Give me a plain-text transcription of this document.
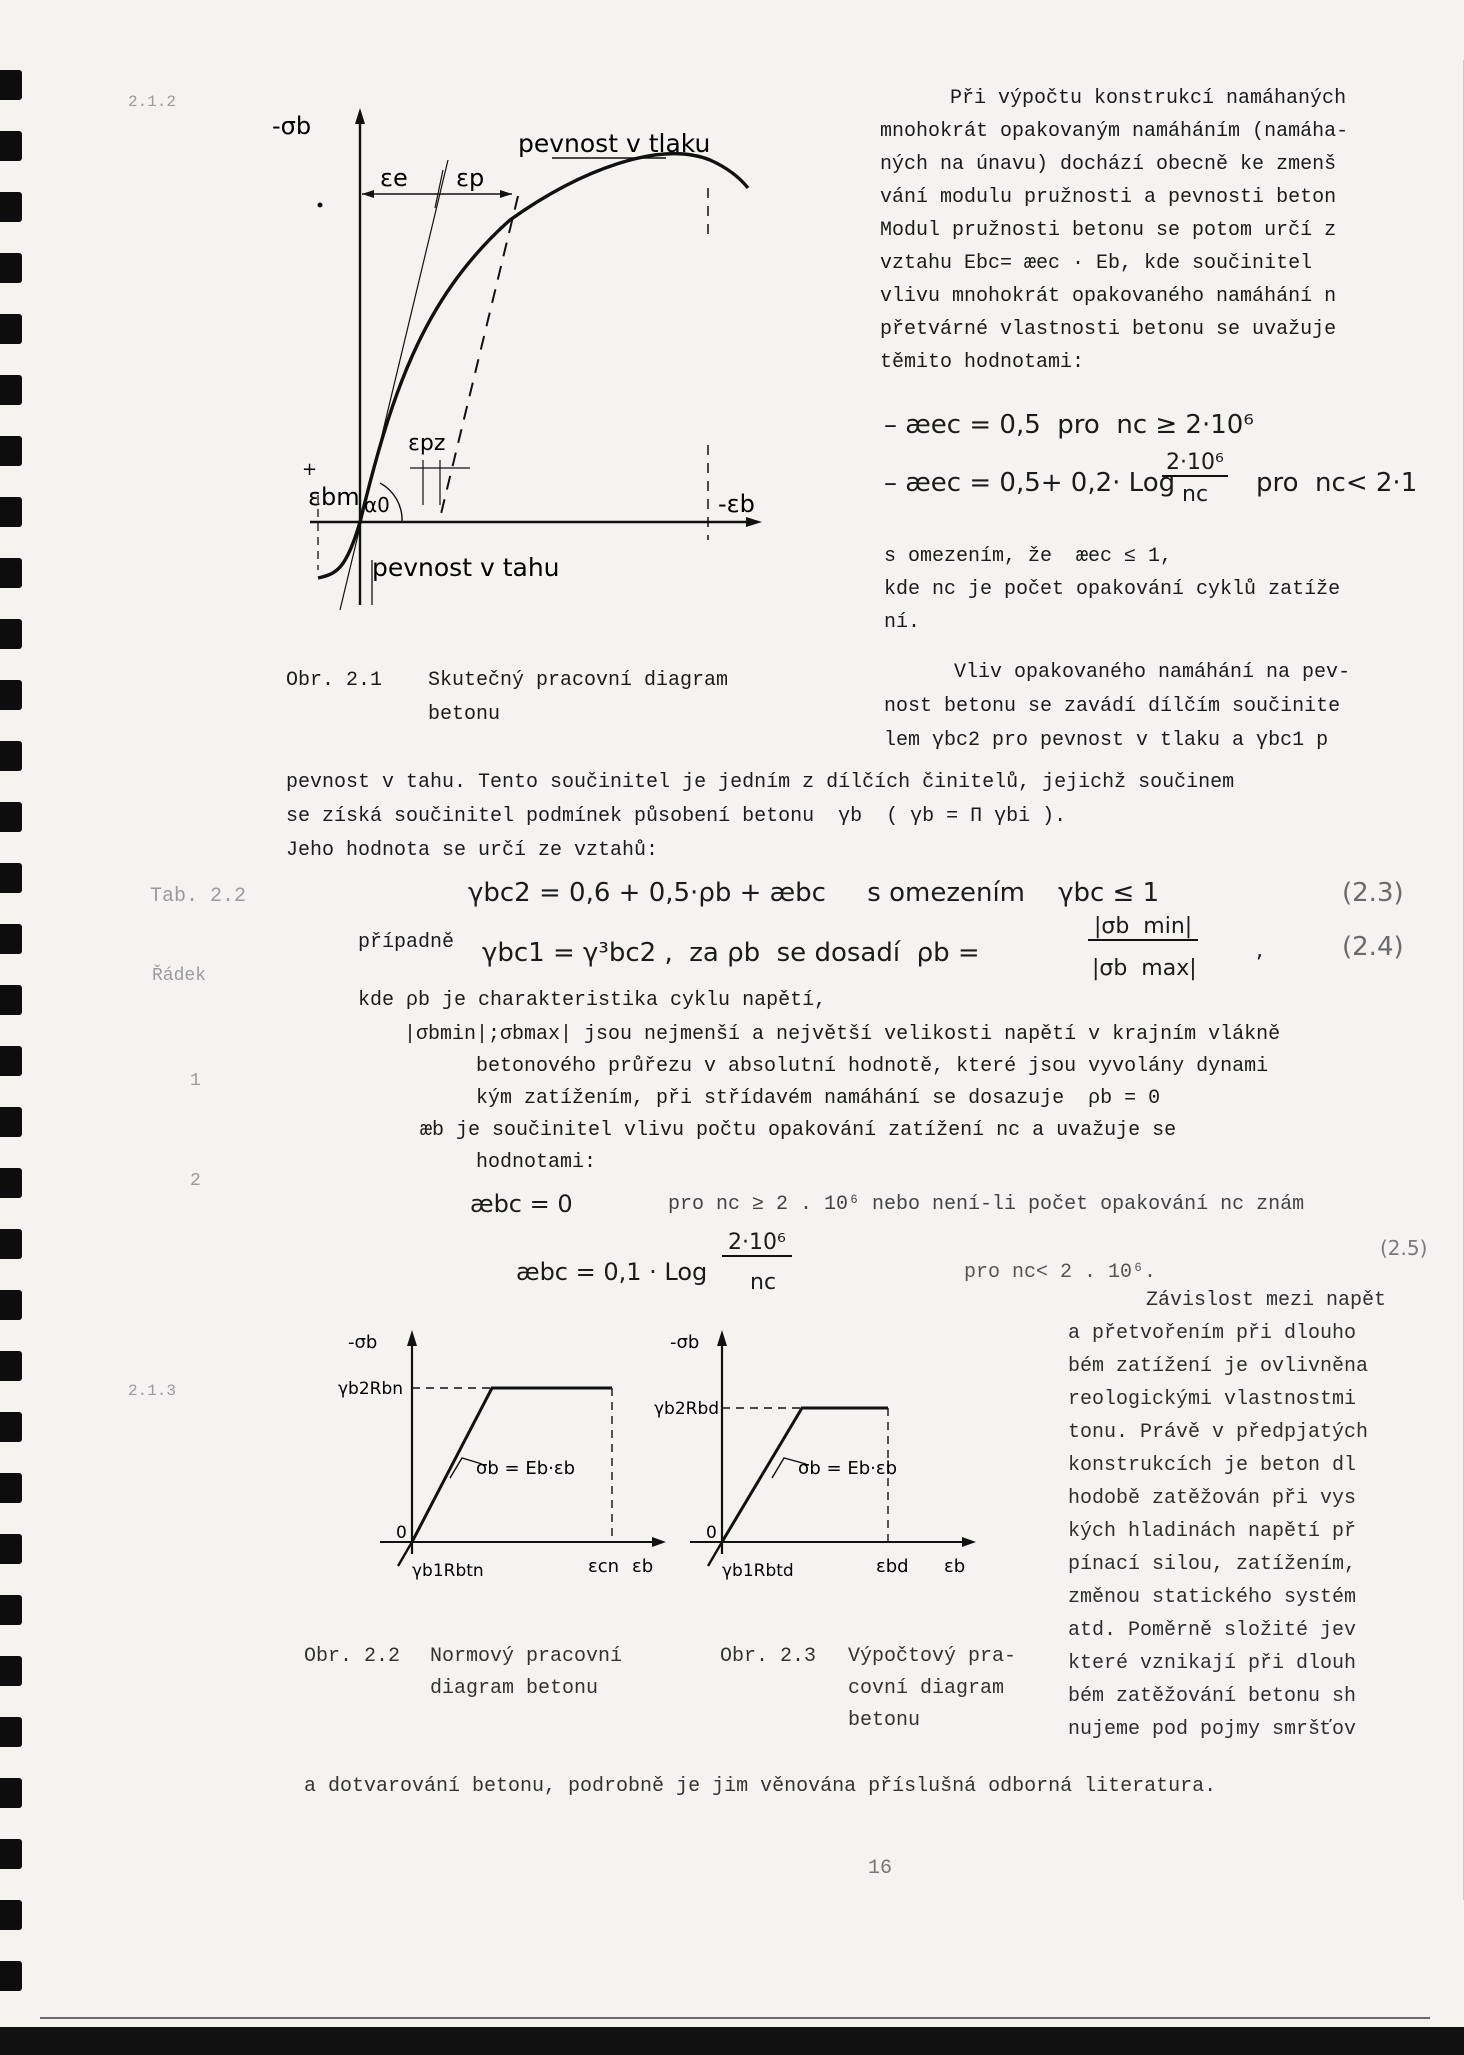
2.1.2
Tab. 2.2
Řádek
1
2
2.1.3
-σb
pevnost v tlaku
εe εp
εpz
+
εbm α0	-εb
pevnost v tahu
Obr. 2.1 Skutečný pracovní diagram
betonu
Při výpočtu konstrukcí namáhaných
mnohokrát opakovaným namáháním (namáha-
ných na únavu) dochází obecně ke zmenš
vání modulu pružnosti a pevnosti beton
Modul pružnosti betonu se potom určí z
vztahu Ebc= æec · Eb, kde součinitel
vlivu mnohokrát opakovaného namáhání n
přetvárné vlastnosti betonu se uvažuje
těmito hodnotami:
– æec = 0,5  pro  nc ≥ 2·10⁶
– æec = 0,5+ 0,2· Log
2·10⁶
nc pro  nc< 2·1
s omezením, že  æec ≤ 1,
kde nc je počet opakování cyklů zatíže
ní.
Vliv opakovaného namáhání na pev-
nost betonu se zavádí dílčím součinite
lem γbc2 pro pevnost v tlaku a γbc1 p
pevnost v tahu. Tento součinitel je jedním z dílčích činitelů, jejichž součinem
se získá součinitel podmínek působení betonu  γb  ( γb = Π γbi ).
Jeho hodnota se určí ze vztahů:
γbc2 = 0,6 + 0,5·ρb + æbc     s omezením    γbc ≤ 1	(2.3)
případně γbc1 = γ³bc2 ,  za ρb  se dosadí  ρb =
|σb  min|
|σb  max|
,	(2.4)
kde ρb je charakteristika cyklu napětí,
|σbmin|;σbmax| jsou nejmenší a největší velikosti napětí v krajním vlákně
betonového průřezu v absolutní hodnotě, které jsou vyvolány dynami
kým zatížením, při střídavém namáhání se dosazuje  ρb = 0
æb je součinitel vlivu počtu opakování zatížení nc a uvažuje se
hodnotami:
æbc = 0	pro nc ≥ 2 . 10⁶ nebo není-li počet opakování nc znám
æbc = 0,1 · Log
2·10⁶
nc	pro nc< 2 . 10⁶.
(2.5)
Závislost mezi napět
a přetvořením při dlouho
bém zatížení je ovlivněna
reologickými vlastnostmi
tonu. Právě v předpjatých
konstrukcích je beton dl
hodobě zatěžován při vys
kých hladinách napětí př
pínací silou, zatížením,
změnou statického systém
atd. Poměrně složité jev
které vznikají při dlouh
bém zatěžování betonu sh
nujeme pod pojmy smršťov
-σb
γb2Rbn
σb = Eb·εb
0
γb1Rbtn	εcn εb
Obr. 2.2 Normový pracovní
diagram betonu
-σb
γb2Rbd
σb = Eb·εb
0
γb1Rbtd	εbd εb
Obr. 2.3 Výpočtový pra-
covní diagram
betonu
a dotvarování betonu, podrobně je jim věnována příslušná odborná literatura.
16
